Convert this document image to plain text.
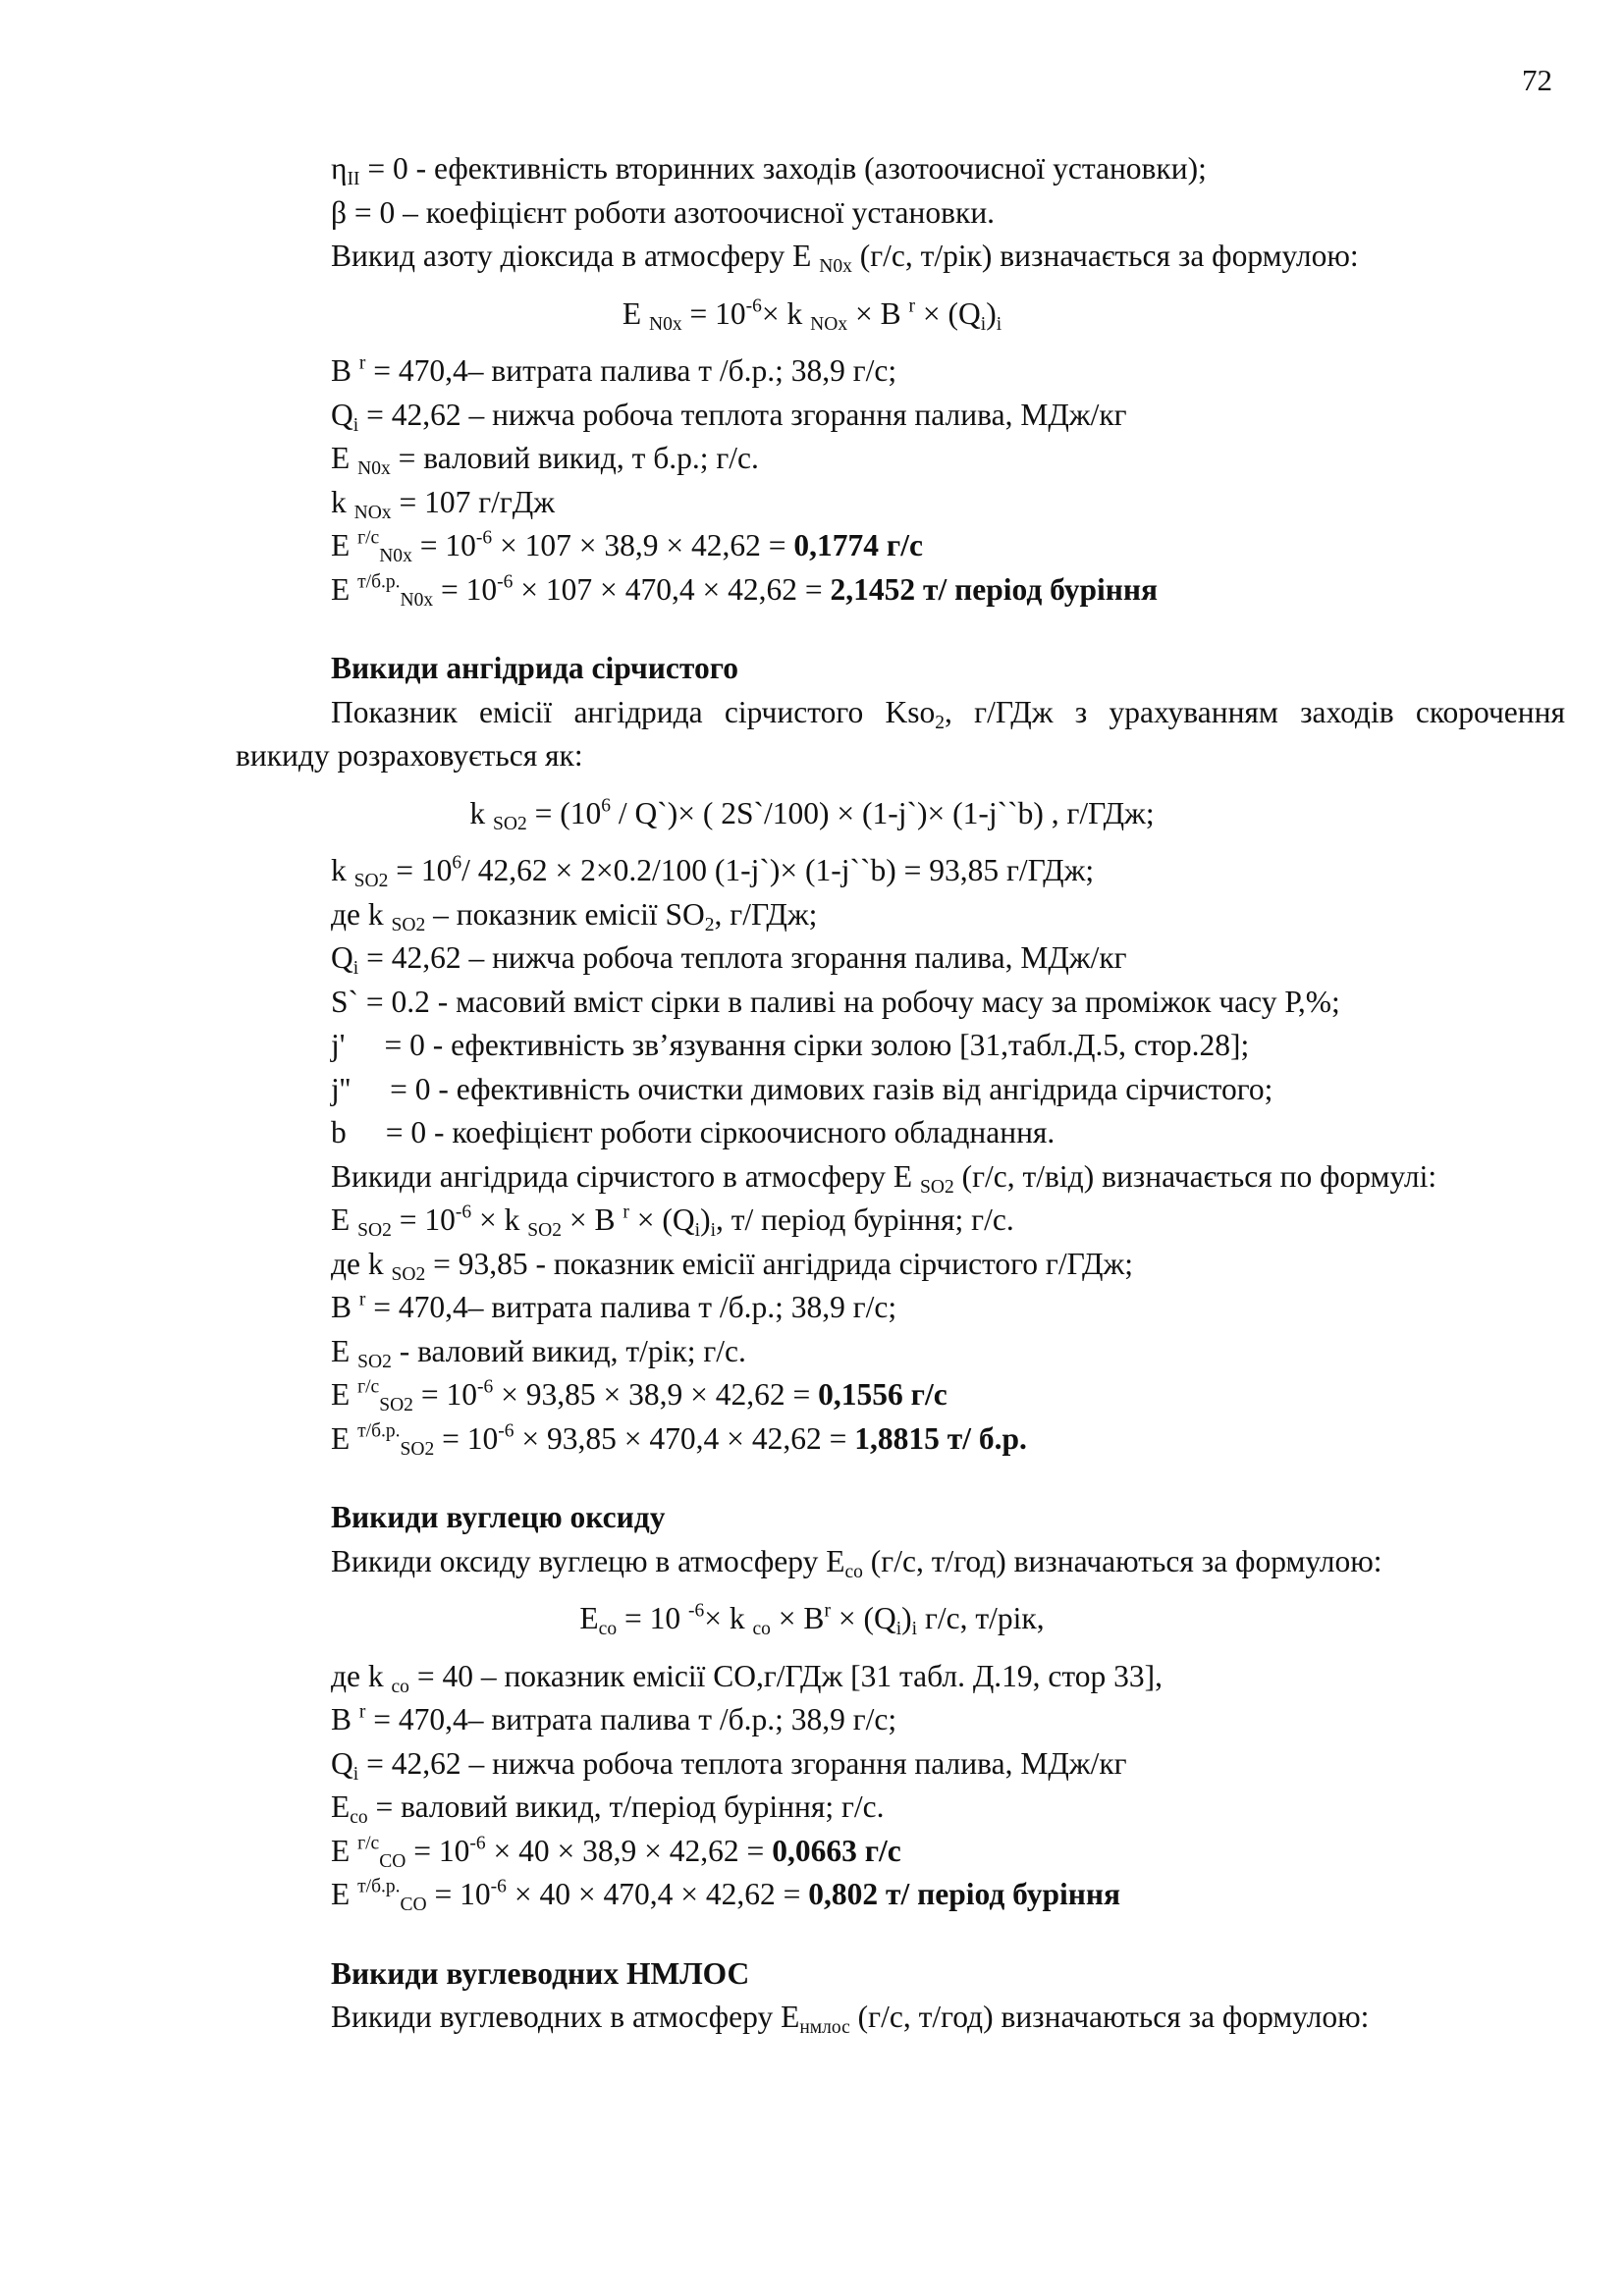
72
$\eta_{II} = 0$ - ефективність вторинних заходів (азотоочисної установки);
β = 0 – коефіцієнт роботи азотоочисної установки.
Викид азоту діоксида в атмосферу Е $_{N0x}$ (г/с, т/рік) визначається за формулою:
Е $_{N0x} = 10^{-6}\times k$ $_{NOx}$ × В $^r \times (Q_i)_i$
В $^r$ = 470,4– витрата палива т /б.р.; 38,9 г/с;
$Q_i = 42,62$ – нижча робоча теплота згорання палива, МДж/кг
Е $_{N0x}$ = валовий викид, т б.р.; г/с.
k $_{NOx}$ = 107 г/гДж
Е $^{г/с}_{N0x} = 10^{-6} \times 107 \times 38,9 \times 42,62 = 0,1774$ г/с
Е $^{т/б.р.}_{N0x} = 10^{-6} \times 107 \times 470,4 \times 42,62 = 2,1452$ т/ період буріння
Викиди ангідрида сірчистого
Показник емісії ангідрида сірчистого Kso$_2$, г/ГДж з урахуванням заходів скорочення
викиду розраховується як:
k $_{SO2} = (10^6$ / Q`)× ( 2S`/100) × (1-j`)× (1-j``b) , г/ГДж;
k $_{SO2} = 10^6/$ 42,62 × 2×0.2/100 (1-j`)× (1-j``b) = 93,85 г/ГДж;
де k $_{SO2}$ – показник емісії $SO_2$, г/ГДж;
$Q_i = 42,62$ – нижча робоча теплота згорання палива, МДж/кг
S` = 0.2 - масовий вміст сірки в паливі на робочу масу за проміжок часу Р,%;
j' = 0 - ефективність зв’язування сірки золою [31,табл.Д.5, стор.28];
j'' = 0 - ефективність очистки димових газів від ангідрида сірчистого;
b = 0 - коефіцієнт роботи сіркоочисного обладнання.
Викиди ангідрида сірчистого в атмосферу Е $_{SO2}$ (г/с, т/від) визначається по формулі:
Е $_{SO2} = 10^{-6} \times k$ $_{SO2}$ × В $^r \times (Q_i)_i$, т/ період буріння; г/с.
де k $_{SO2}$ = 93,85 - показник емісії ангідрида сірчистого г/ГДж;
В $^r$ = 470,4– витрата палива т /б.р.; 38,9 г/с;
Е $_{SO2}$ - валовий викид, т/рік; г/с.
Е $^{г/с}_{SO2} = 10^{-6} \times 93,85 \times 38,9 \times 42,62 = 0,1556$ г/с
Е $^{т/б.р.}_{SO2} = 10^{-6} \times 93,85 \times 470,4 \times 42,62 = 1,8815$ т/ б.р.
Викиди вуглецю оксиду
Викиди оксиду вуглецю в атмосферу $Е_{со}$ (г/с, т/год) визначаються за формулою:
$Е_{со} = 10$ $^{-6}$× k $_{со} \times В^r \times (Q_i)_i$ г/с, т/рік,
де k $_{со}$ = 40 – показник емісії СО,г/ГДж [31 табл. Д.19, стор 33],
В $^r$ = 470,4– витрата палива т /б.р.; 38,9 г/с;
$Q_i = 42,62$ – нижча робоча теплота згорання палива, МДж/кг
$Е_{со}$ = валовий викид, т/період буріння; г/с.
Е $^{г/с}_{CO} = 10^{-6} \times 40 \times 38,9 \times 42,62 = 0,0663$ г/с
Е $^{т/б.р.}_{CO} = 10^{-6} \times 40 \times 470,4 \times 42,62 = 0,802$ т/ період буріння
Викиди вуглеводних НМЛОС
Викиди вуглеводних в атмосферу $Е_{нмлос}$ (г/с, т/год) визначаються за формулою:
